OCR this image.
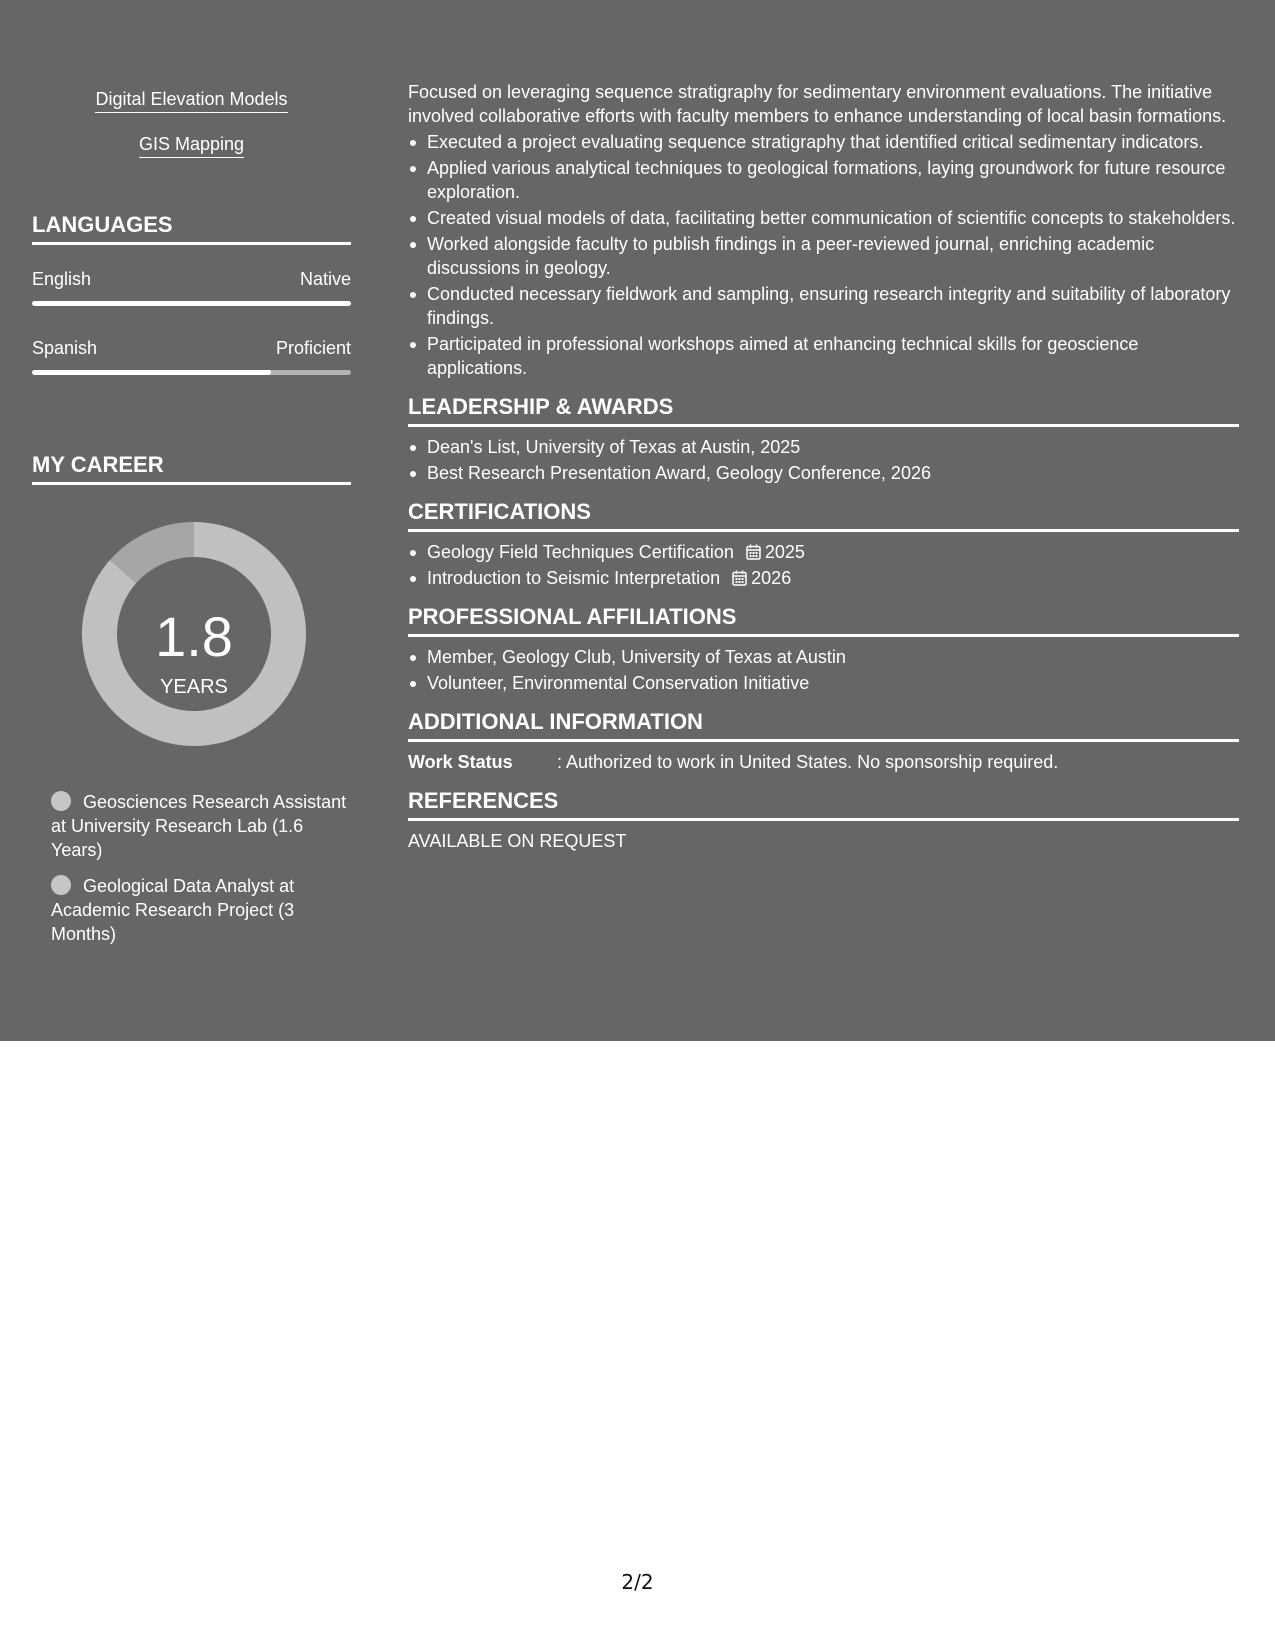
Digital Elevation Models
GIS Mapping
LANGUAGES
English	Native
Spanish	Proficient
MY CAREER
1.8
YEARS
Geosciences Research Assistant at University Research Lab (1.6 Years)
Geological Data Analyst at Academic Research Project (3 Months)

Focused on leveraging sequence stratigraphy for sedimentary environment evaluations. The initiative involved collaborative efforts with faculty members to enhance understanding of local basin formations.

Executed a project evaluating sequence stratigraphy that identified critical sedimentary indicators.
Applied various analytical techniques to geological formations, laying groundwork for future resource exploration.
Created visual models of data, facilitating better communication of scientific concepts to stakeholders.
Worked alongside faculty to publish findings in a peer-reviewed journal, enriching academic discussions in geology.
Conducted necessary fieldwork and sampling, ensuring research integrity and suitability of laboratory findings.
Participated in professional workshops aimed at enhancing technical skills for geoscience applications.
LEADERSHIP & AWARDS
Dean's List, University of Texas at Austin, 2025
Best Research Presentation Award, Geology Conference, 2026
CERTIFICATIONS
Geology Field Techniques Certification 2025
Introduction to Seismic Interpretation 2026
PROFESSIONAL AFFILIATIONS
Member, Geology Club, University of Texas at Austin
Volunteer, Environmental Conservation Initiative
ADDITIONAL INFORMATION
Work Status : Authorized to work in United States. No sponsorship required.
REFERENCES
AVAILABLE ON REQUEST
2/2
